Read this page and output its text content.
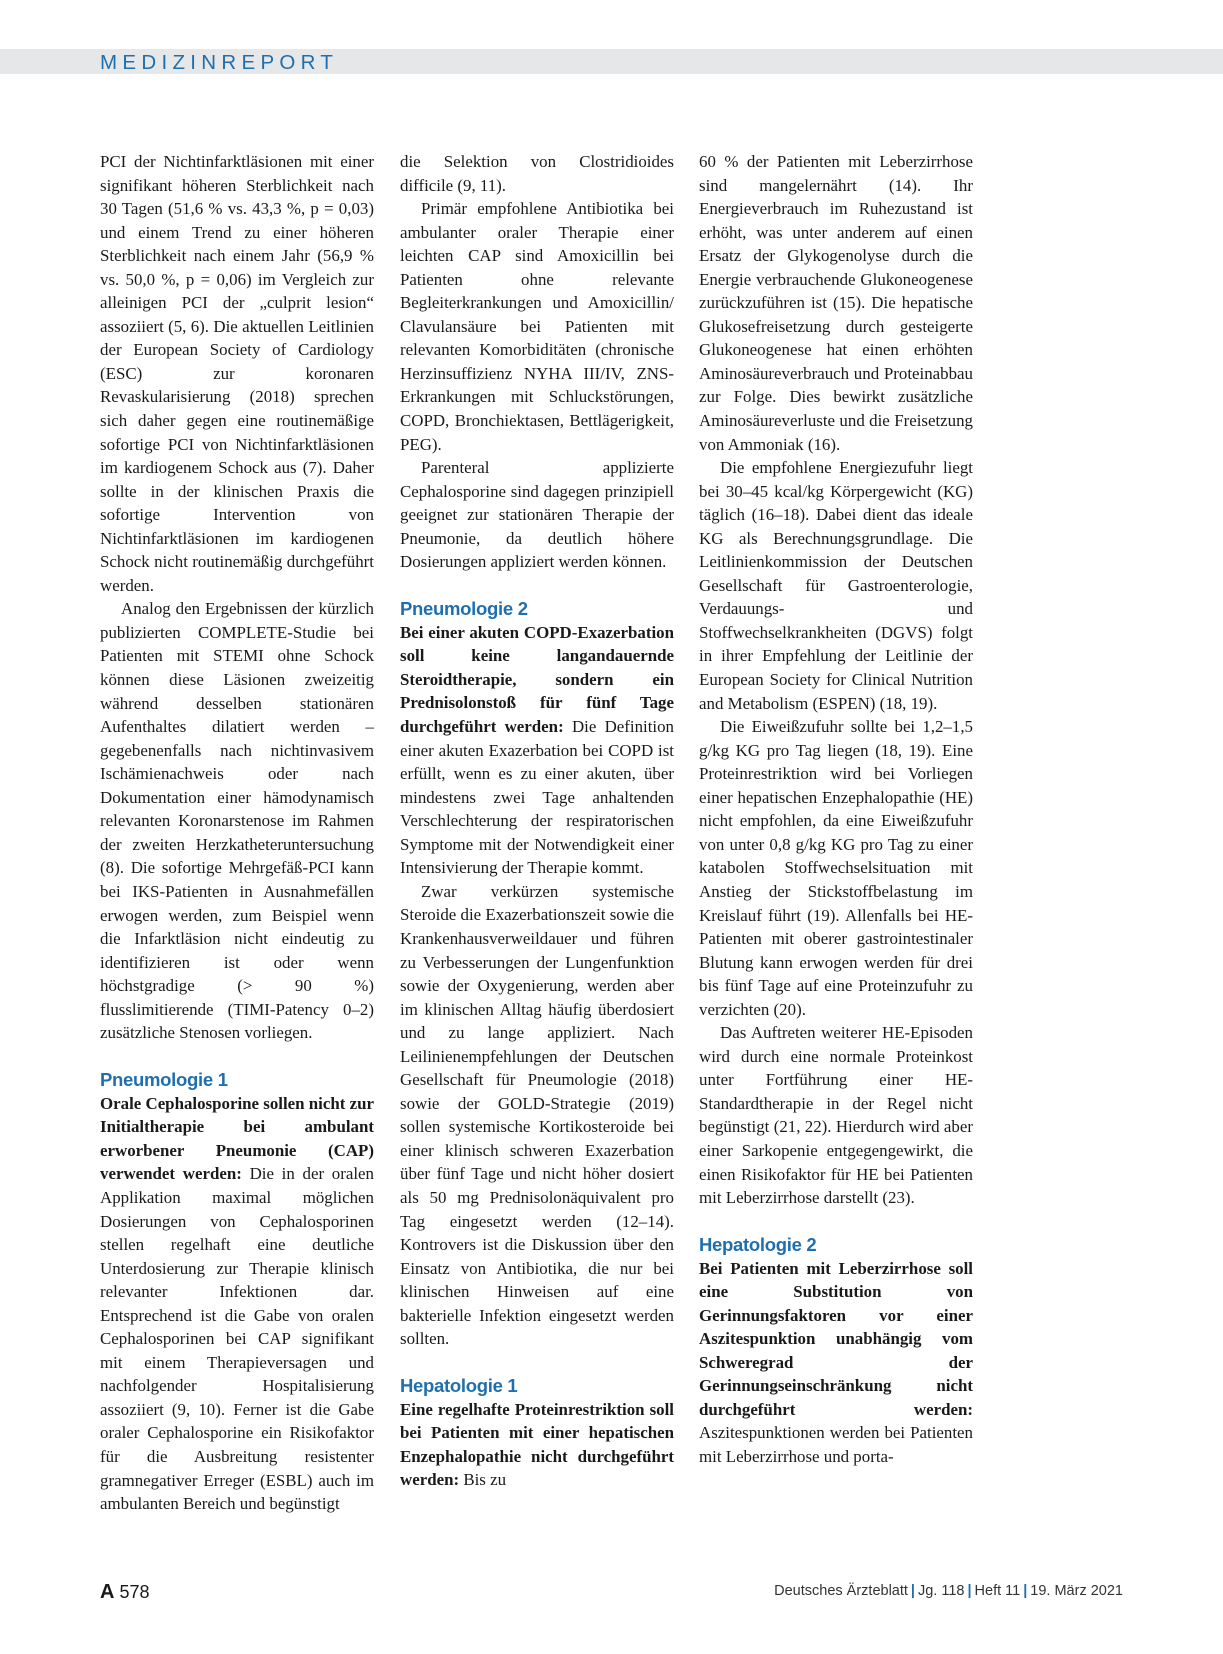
MEDIZINREPORT

PCI der Nichtinfarktläsionen mit einer signifikant höheren Sterblichkeit nach 30 Tagen (51,6 % vs. 43,3 %, p = 0,03) und einem Trend zu einer höheren Sterblichkeit nach einem Jahr (56,9 % vs. 50,0 %, p = 0,06) im Vergleich zur alleinigen PCI der „culprit lesion“ assoziiert (5, 6). Die aktuellen Leitlinien der European Society of Cardiology (ESC) zur koronaren Revaskularisierung (2018) sprechen sich daher gegen eine routinemäßige sofortige PCI von Nichtinfarktläsionen im kardiogenem Schock aus (7). Daher sollte in der klinischen Praxis die sofortige Intervention von Nichtinfarktläsionen im kardiogenen Schock nicht routinemäßig durchgeführt werden.

Analog den Ergebnissen der kürzlich publizierten COMPLETE-Studie bei Patienten mit STEMI ohne Schock können diese Läsionen zweizeitig während desselben stationären Aufenthaltes dilatiert werden – gegebenenfalls nach nichtinvasivem Ischämienachweis oder nach Dokumentation einer hämodynamisch relevanten Koronarstenose im Rahmen der zweiten Herzkatheteruntersuchung (8). Die sofortige Mehrgefäß-PCI kann bei IKS-Patienten in Ausnahmefällen erwogen werden, zum Beispiel wenn die Infarktläsion nicht eindeutig zu identifizieren ist oder wenn höchstgradige (> 90 %) flusslimitierende (TIMI-Patency 0–2) zusätzliche Stenosen vorliegen.

Pneumologie 1

Orale Cephalosporine sollen nicht zur Initialtherapie bei ambulant erworbener Pneumonie (CAP) verwendet werden: Die in der oralen Applikation maximal möglichen Dosierungen von Cephalosporinen stellen regelhaft eine deutliche Unterdosierung zur Therapie klinisch relevanter Infektionen dar. Entsprechend ist die Gabe von oralen Cephalosporinen bei CAP signifikant mit einem Therapieversagen und nachfolgender Hospitalisierung assoziiert (9, 10). Ferner ist die Gabe oraler Cephalosporine ein Risikofaktor für die Ausbreitung resistenter gramnegativer Erreger (ESBL) auch im ambulanten Bereich und begünstigt

die Selektion von Clostridioides difficile (9, 11).

Primär empfohlene Antibiotika bei ambulanter oraler Therapie einer leichten CAP sind Amoxicillin bei Patienten ohne relevante Begleiterkrankungen und Amoxicillin/ Clavulansäure bei Patienten mit relevanten Komorbiditäten (chronische Herzinsuffizienz NYHA III/IV, ZNS-Erkrankungen mit Schluckstörungen, COPD, Bronchiektasen, Bettlägerigkeit, PEG).

Parenteral applizierte Cephalosporine sind dagegen prinzipiell geeignet zur stationären Therapie der Pneumonie, da deutlich höhere Dosierungen appliziert werden können.

Pneumologie 2

Bei einer akuten COPD-Exazerbation soll keine langandauernde Steroidtherapie, sondern ein Prednisolonstoß für fünf Tage durchgeführt werden: Die Definition einer akuten Exazerbation bei COPD ist erfüllt, wenn es zu einer akuten, über mindestens zwei Tage anhaltenden Verschlechterung der respiratorischen Symptome mit der Notwendigkeit einer Intensivierung der Therapie kommt.

Zwar verkürzen systemische Steroide die Exazerbationszeit sowie die Krankenhausverweildauer und führen zu Verbesserungen der Lungenfunktion sowie der Oxygenierung, werden aber im klinischen Alltag häufig überdosiert und zu lange appliziert. Nach Leilinienempfehlungen der Deutschen Gesellschaft für Pneumologie (2018) sowie der GOLD-Strategie (2019) sollen systemische Kortikosteroide bei einer klinisch schweren Exazerbation über fünf Tage und nicht höher dosiert als 50 mg Prednisolonäquivalent pro Tag eingesetzt werden (12–14). Kontrovers ist die Diskussion über den Einsatz von Antibiotika, die nur bei klinischen Hinweisen auf eine bakterielle Infektion eingesetzt werden sollten.

Hepatologie 1

Eine regelhafte Proteinrestriktion soll bei Patienten mit einer hepatischen Enzephalopathie nicht durchgeführt werden: Bis zu

60 % der Patienten mit Leberzirrhose sind mangelernährt (14). Ihr Energieverbrauch im Ruhezustand ist erhöht, was unter anderem auf einen Ersatz der Glykogenolyse durch die Energie verbrauchende Glukoneogenese zurückzuführen ist (15). Die hepatische Glukosefreisetzung durch gesteigerte Glukoneogenese hat einen erhöhten Aminosäureverbrauch und Proteinabbau zur Folge. Dies bewirkt zusätzliche Aminosäureverluste und die Freisetzung von Ammoniak (16).

Die empfohlene Energiezufuhr liegt bei 30–45 kcal/kg Körpergewicht (KG) täglich (16–18). Dabei dient das ideale KG als Berechnungsgrundlage. Die Leitlinienkommission der Deutschen Gesellschaft für Gastroenterologie, Verdauungs- und Stoffwechselkrankheiten (DGVS) folgt in ihrer Empfehlung der Leitlinie der European Society for Clinical Nutrition and Metabolism (ESPEN) (18, 19).

Die Eiweißzufuhr sollte bei 1,2–1,5 g/kg KG pro Tag liegen (18, 19). Eine Proteinrestriktion wird bei Vorliegen einer hepatischen Enzephalopathie (HE) nicht empfohlen, da eine Eiweißzufuhr von unter 0,8 g/kg KG pro Tag zu einer katabolen Stoffwechselsituation mit Anstieg der Stickstoffbelastung im Kreislauf führt (19). Allenfalls bei HE-Patienten mit oberer gastrointestinaler Blutung kann erwogen werden für drei bis fünf Tage auf eine Proteinzufuhr zu verzichten (20).

Das Auftreten weiterer HE-Episoden wird durch eine normale Proteinkost unter Fortführung einer HE-Standardtherapie in der Regel nicht begünstigt (21, 22). Hierdurch wird aber einer Sarkopenie entgegengewirkt, die einen Risikofaktor für HE bei Patienten mit Leberzirrhose darstellt (23).

Hepatologie 2

Bei Patienten mit Leberzirrhose soll eine Substitution von Gerinnungsfaktoren vor einer Aszitespunktion unabhängig vom Schweregrad der Gerinnungseinschränkung nicht durchgeführt werden: Aszitespunktionen werden bei Patienten mit Leberzirrhose und porta-

A 578	Deutsches Ärzteblatt | Jg. 118 | Heft 11 | 19. März 2021
